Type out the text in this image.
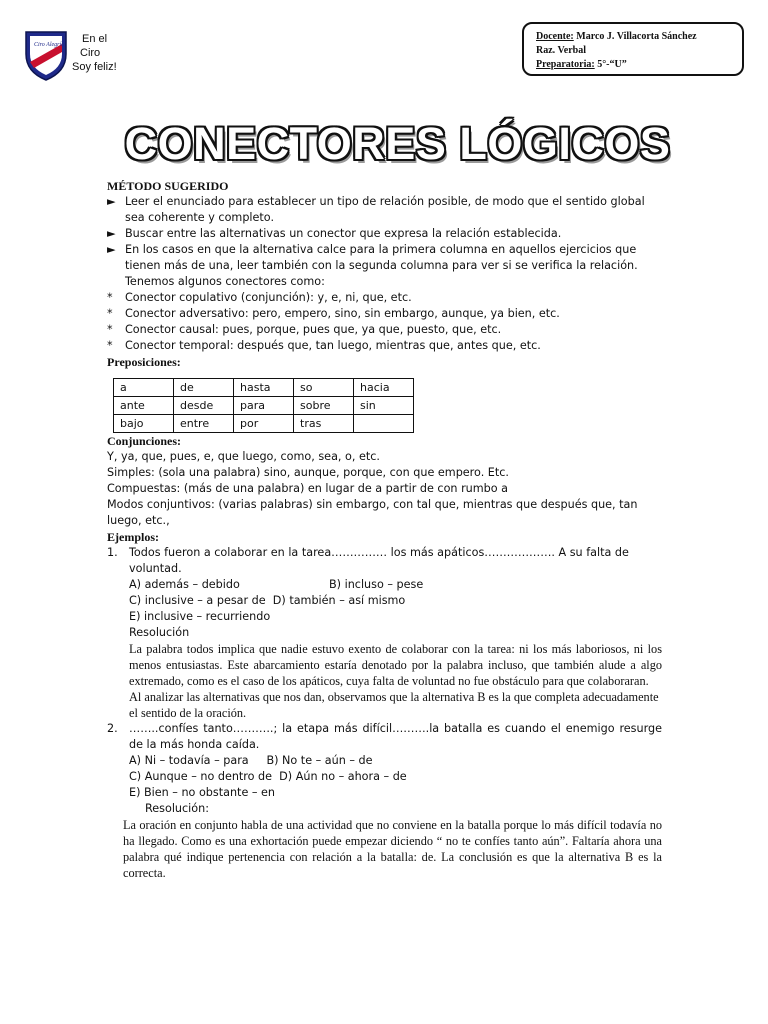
Ciro Alegría	En el
Ciro
Soy feliz!
Docente: Marco J. Villacorta Sánchez
Raz. Verbal
Preparatoria: 5°-“U”
CONECTORES LÓGICOS

MÉTODO SUGERIDO

► Leer el enunciado para establecer un tipo de relación posible, de modo que el sentido global sea coherente y completo.
► Buscar entre las alternativas un conector que expresa la relación establecida.
► En los casos en que la alternativa calce para la primera columna en aquellos ejercicios que tienen más de una, leer también con la segunda columna para ver si se verifica la relación.

Tenemos algunos conectores como:

*	Conector copulativo (conjunción): y, e, ni, que, etc.
*	Conector adversativo: pero, empero, sino, sin embargo, aunque, ya bien, etc.
*	Conector causal: pues, porque, pues que, ya que, puesto, que, etc.
*	Conector temporal: después que, tan luego, mientras que, antes que, etc.

Preposiciones:

a	de	hasta	so	hacia
ante	desde	para	sobre	sin
bajo	entre	por	tras	

Conjunciones:

Y, ya, que, pues, e, que luego, como, sea, o, etc.

Simples: (sola una palabra) sino, aunque, porque, con que empero. Etc.

Compuestas: (más de una palabra) en lugar de a partir de con rumbo a

Modos conjuntivos: (varias palabras) sin embargo, con tal que, mientras que después que, tan luego, etc.,

Ejemplos:

1.	Todos fueron a colaborar en la tarea…………… los más apáticos………………. A su falta de voluntad.
A) además – debido	B) incluso – pese
C) inclusive – a pesar de D) también – así mismo
E) inclusive – recurriendo
Resolución
La palabra todos implica que nadie estuvo exento de colaborar con la tarea: ni los más laboriosos, ni los menos entusiastas. Este abarcamiento estaría denotado por la palabra incluso, que también alude a algo extremado, como es el caso de los apáticos, cuya falta de voluntad no fue obstáculo para que colaboraran.
Al analizar las alternativas que nos dan, observamos que la alternativa B es la que completa adecuadamente el sentido de la oración.
2.	……..confíes tanto………..; la etapa más difícil……….la batalla es cuando el enemigo resurge de la más honda caída.
A) Ni – todavía – para B) No te – aún – de
C) Aunque – no dentro de D) Aún no – ahora – de
E) Bien – no obstante – en
Resolución:
La oración en conjunto habla de una actividad que no conviene en la batalla porque lo más difícil todavía no ha llegado. Como es una exhortación puede empezar diciendo “ no te confíes tanto aún”. Faltaría ahora una palabra qué indique pertenencia con relación a la batalla: de. La conclusión es que la alternativa B es la correcta.
